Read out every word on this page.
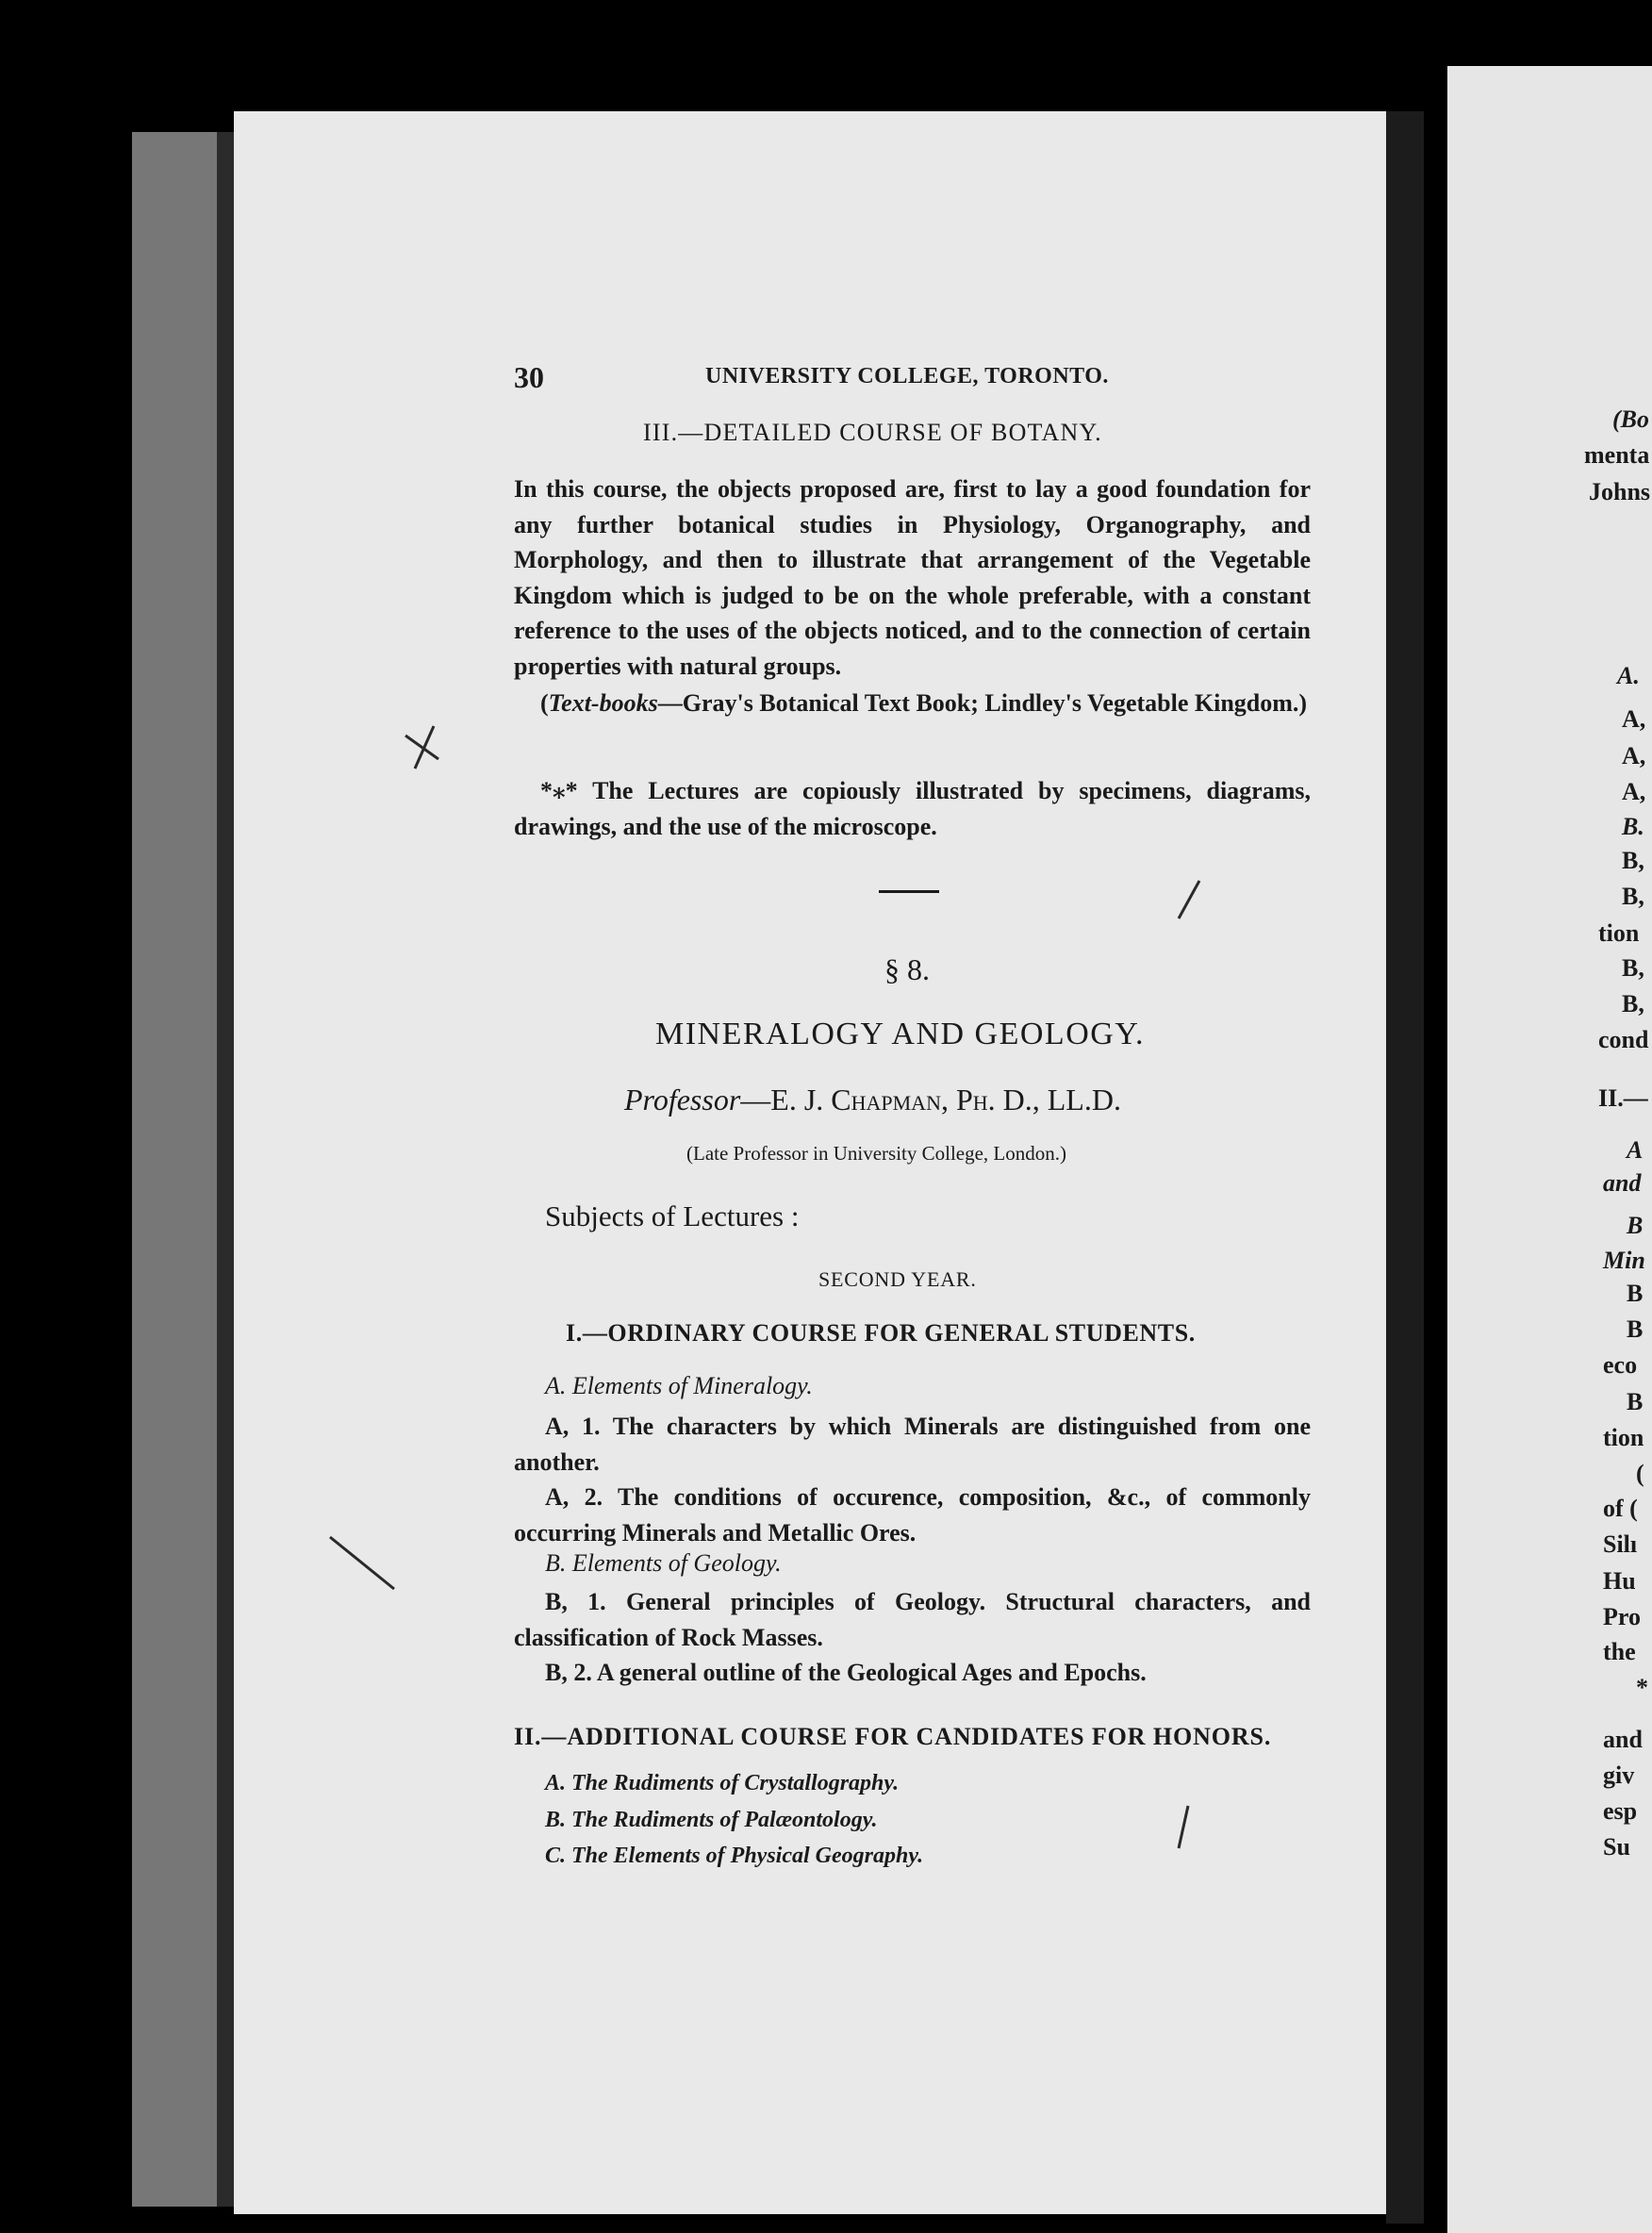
30	UNIVERSITY COLLEGE, TORONTO.
III.—DETAILED COURSE OF BOTANY.
In this course, the objects proposed are, first to lay a good foundation for any further botanical studies in Physiology, Organography, and Morphology, and then to illustrate that arrangement of the Vegetable Kingdom which is judged to be on the whole preferable, with a constant reference to the uses of the objects noticed, and to the connection of certain properties with natural groups.
(Text-books—Gray's Botanical Text Book; Lindley's Vegetable Kingdom.)
*⁎* The Lectures are copiously illustrated by specimens, diagrams, drawings, and the use of the microscope.
§ 8.
MINERALOGY AND GEOLOGY.
Professor—E. J. Chapman, Ph. D., LL.D.
(Late Professor in University College, London.)
Subjects of Lectures :
SECOND YEAR.
I.—ORDINARY COURSE FOR GENERAL STUDENTS.
A. Elements of Mineralogy.
A, 1. The characters by which Minerals are distinguished from one another.
A, 2. The conditions of occurence, composition, &c., of commonly occurring Minerals and Metallic Ores.
B. Elements of Geology.
B, 1. General principles of Geology. Structural characters, and classification of Rock Masses.
B, 2. A general outline of the Geological Ages and Epochs.
II.—ADDITIONAL COURSE FOR CANDIDATES FOR HONORS.
A. The Rudiments of Crystallography.
B. The Rudiments of Palæontology.
C. The Elements of Physical Geography.
(Bo
menta
Johns
A.
A,
A,
A,
B.
B,
B,
tion
B,
B,
cond
II.—
A
and
B
Min
B
B
eco
B
tion
(
of (
Silı
Hu
Pro
the
*
and
giv
esp
Su
